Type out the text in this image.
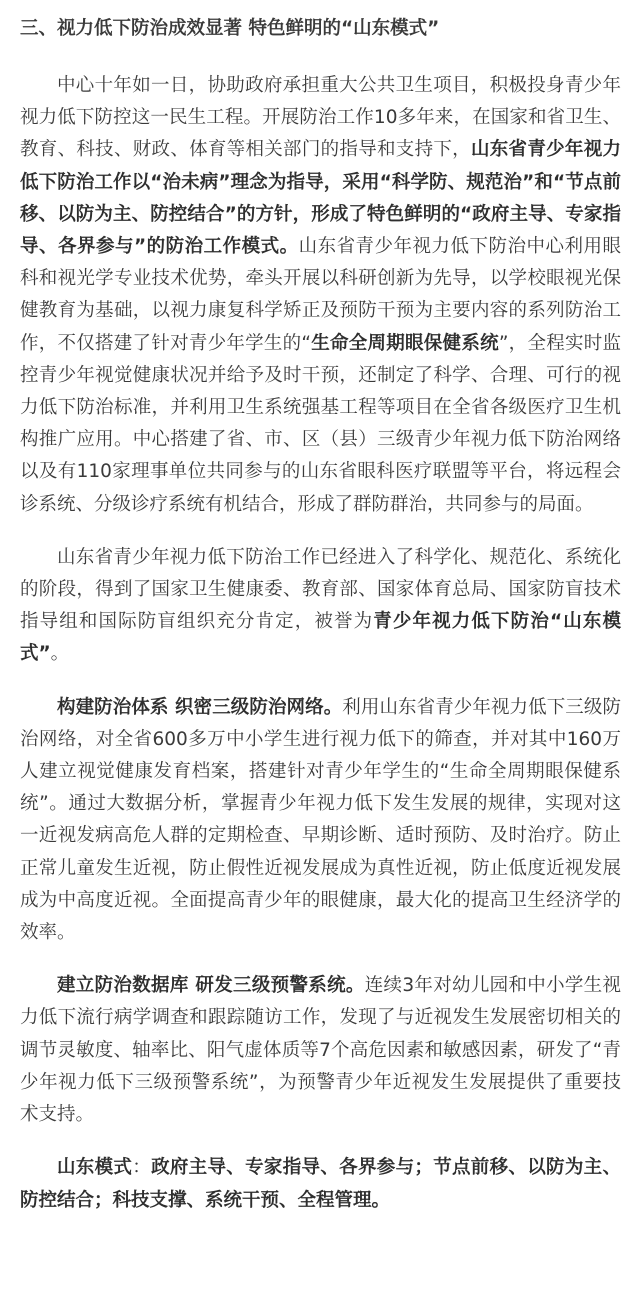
三、视力低下防治成效显著 特色鲜明的“山东模式”

中心十年如一日，协助政府承担重大公共卫生项目，积极投身青少年视力低下防控这一民生工程。开展防治工作10多年来，在国家和省卫生、教育、科技、财政、体育等相关部门的指导和支持下，山东省青少年视力低下防治工作以“治未病”理念为指导，采用“科学防、规范治”和“节点前移、以防为主、防控结合”的方针，形成了特色鲜明的“政府主导、专家指导、各界参与”的防治工作模式。山东省青少年视力低下防治中心利用眼科和视光学专业技术优势，牵头开展以科研创新为先导，以学校眼视光保健教育为基础，以视力康复科学矫正及预防干预为主要内容的系列防治工作，不仅搭建了针对青少年学生的“生命全周期眼保健系统”，全程实时监控青少年视觉健康状况并给予及时干预，还制定了科学、合理、可行的视力低下防治标准，并利用卫生系统强基工程等项目在全省各级医疗卫生机构推广应用。中心搭建了省、市、区（县）三级青少年视力低下防治网络以及有110家理事单位共同参与的山东省眼科医疗联盟等平台，将远程会诊系统、分级诊疗系统有机结合，形成了群防群治，共同参与的局面。

山东省青少年视力低下防治工作已经进入了科学化、规范化、系统化的阶段，得到了国家卫生健康委、教育部、国家体育总局、国家防盲技术指导组和国际防盲组织充分肯定，被誉为青少年视力低下防治“山东模式”。

构建防治体系 织密三级防治网络。利用山东省青少年视力低下三级防治网络，对全省600多万中小学生进行视力低下的筛查，并对其中160万人建立视觉健康发育档案，搭建针对青少年学生的“生命全周期眼保健系统”。通过大数据分析，掌握青少年视力低下发生发展的规律，实现对这一近视发病高危人群的定期检查、早期诊断、适时预防、及时治疗。防止正常儿童发生近视，防止假性近视发展成为真性近视，防止低度近视发展成为中高度近视。全面提高青少年的眼健康，最大化的提高卫生经济学的效率。

建立防治数据库 研发三级预警系统。连续3年对幼儿园和中小学生视力低下流行病学调查和跟踪随访工作，发现了与近视发生发展密切相关的调节灵敏度、轴率比、阳气虚体质等7个高危因素和敏感因素，研发了“青少年视力低下三级预警系统”，为预警青少年近视发生发展提供了重要技术支持。

山东模式：政府主导、专家指导、各界参与；节点前移、以防为主、防控结合；科技支撑、系统干预、全程管理。
